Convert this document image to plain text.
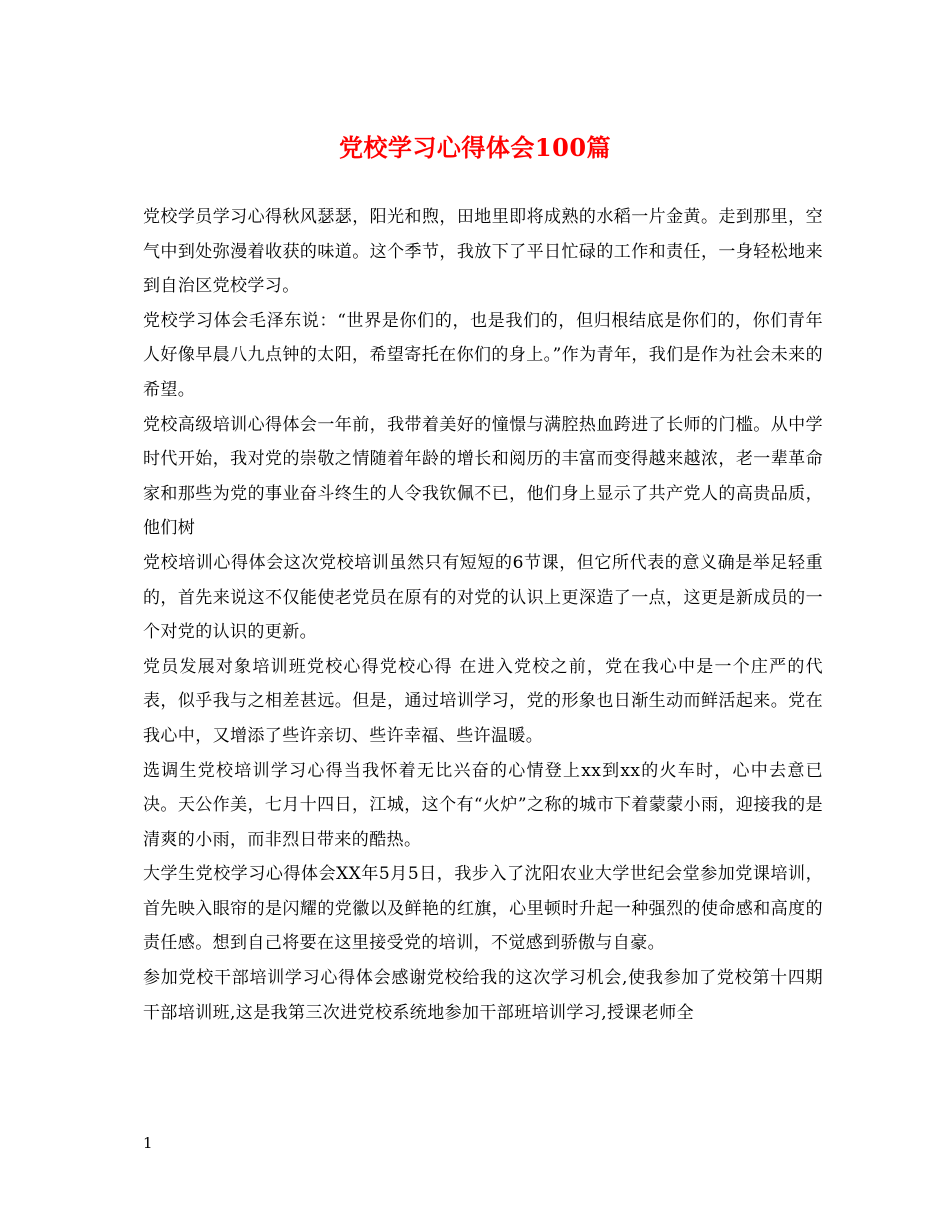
党校学习心得体会100篇

党校学员学习心得秋风瑟瑟，阳光和煦，田地里即将成熟的水稻一片金黄。走到那里，空气中到处弥漫着收获的味道。这个季节，我放下了平日忙碌的工作和责任，一身轻松地来到自治区党校学习。

党校学习体会毛泽东说：“世界是你们的，也是我们的，但归根结底是你们的，你们青年人好像早晨八九点钟的太阳，希望寄托在你们的身上。”作为青年，我们是作为社会未来的希望。

党校高级培训心得体会一年前，我带着美好的憧憬与满腔热血跨进了长师的门槛。从中学时代开始，我对党的崇敬之情随着年龄的增长和阅历的丰富而变得越来越浓，老一辈革命家和那些为党的事业奋斗终生的人令我钦佩不已，他们身上显示了共产党人的高贵品质，他们树

党校培训心得体会这次党校培训虽然只有短短的6节课，但它所代表的意义确是举足轻重的，首先来说这不仅能使老党员在原有的对党的认识上更深造了一点，这更是新成员的一个对党的认识的更新。

党员发展对象培训班党校心得党校心得 在进入党校之前，党在我心中是一个庄严的代表，似乎我与之相差甚远。但是，通过培训学习，党的形象也日渐生动而鲜活起来。党在我心中，又增添了些许亲切、些许幸福、些许温暖。

选调生党校培训学习心得当我怀着无比兴奋的心情登上xx到xx的火车时，心中去意已决。天公作美，七月十四日，江城，这个有“火炉”之称的城市下着蒙蒙小雨，迎接我的是清爽的小雨，而非烈日带来的酷热。

大学生党校学习心得体会XX年5月5日，我步入了沈阳农业大学世纪会堂参加党课培训，首先映入眼帘的是闪耀的党徽以及鲜艳的红旗，心里顿时升起一种强烈的使命感和高度的责任感。想到自己将要在这里接受党的培训，不觉感到骄傲与自豪。

参加党校干部培训学习心得体会感谢党校给我的这次学习机会,使我参加了党校第十四期干部培训班,这是我第三次进党校系统地参加干部班培训学习,授课老师全

1
